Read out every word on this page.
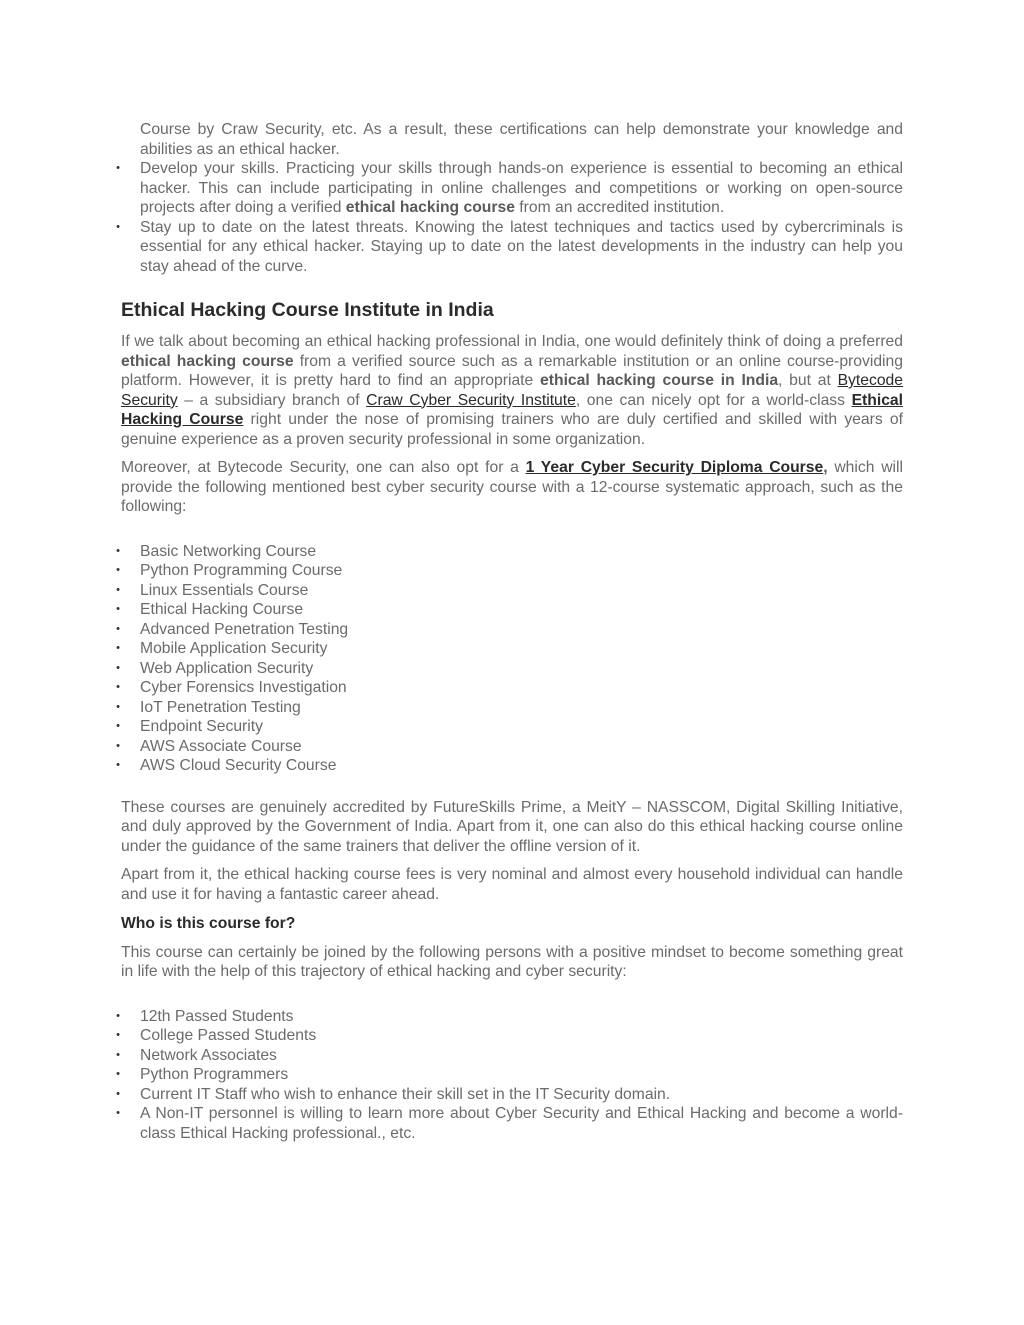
Course by Craw Security, etc. As a result, these certifications can help demonstrate your knowledge and abilities as an ethical hacker.
• Develop your skills. Practicing your skills through hands-on experience is essential to becoming an ethical hacker. This can include participating in online challenges and competitions or working on open-source projects after doing a verified ethical hacking course from an accredited institution.
• Stay up to date on the latest threats. Knowing the latest techniques and tactics used by cybercriminals is essential for any ethical hacker. Staying up to date on the latest developments in the industry can help you stay ahead of the curve.
Ethical Hacking Course Institute in India

If we talk about becoming an ethical hacking professional in India, one would definitely think of doing a preferred ethical hacking course from a verified source such as a remarkable institution or an online course-providing platform. However, it is pretty hard to find an appropriate ethical hacking course in India, but at Bytecode Security – a subsidiary branch of Craw Cyber Security Institute, one can nicely opt for a world-class Ethical Hacking Course right under the nose of promising trainers who are duly certified and skilled with years of genuine experience as a proven security professional in some organization.

Moreover, at Bytecode Security, one can also opt for a 1 Year Cyber Security Diploma Course, which will provide the following mentioned best cyber security course with a 12-course systematic approach, such as the following:

• Basic Networking Course
• Python Programming Course
• Linux Essentials Course
• Ethical Hacking Course
• Advanced Penetration Testing
• Mobile Application Security
• Web Application Security
• Cyber Forensics Investigation
• IoT Penetration Testing
• Endpoint Security
• AWS Associate Course
• AWS Cloud Security Course

These courses are genuinely accredited by FutureSkills Prime, a MeitY – NASSCOM, Digital Skilling Initiative, and duly approved by the Government of India. Apart from it, one can also do this ethical hacking course online under the guidance of the same trainers that deliver the offline version of it.

Apart from it, the ethical hacking course fees is very nominal and almost every household individual can handle and use it for having a fantastic career ahead.

Who is this course for?

This course can certainly be joined by the following persons with a positive mindset to become something great in life with the help of this trajectory of ethical hacking and cyber security:

• 12th Passed Students
• College Passed Students
• Network Associates
• Python Programmers
• Current IT Staff who wish to enhance their skill set in the IT Security domain.
• A Non-IT personnel is willing to learn more about Cyber Security and Ethical Hacking and become a world-class Ethical Hacking professional., etc.
